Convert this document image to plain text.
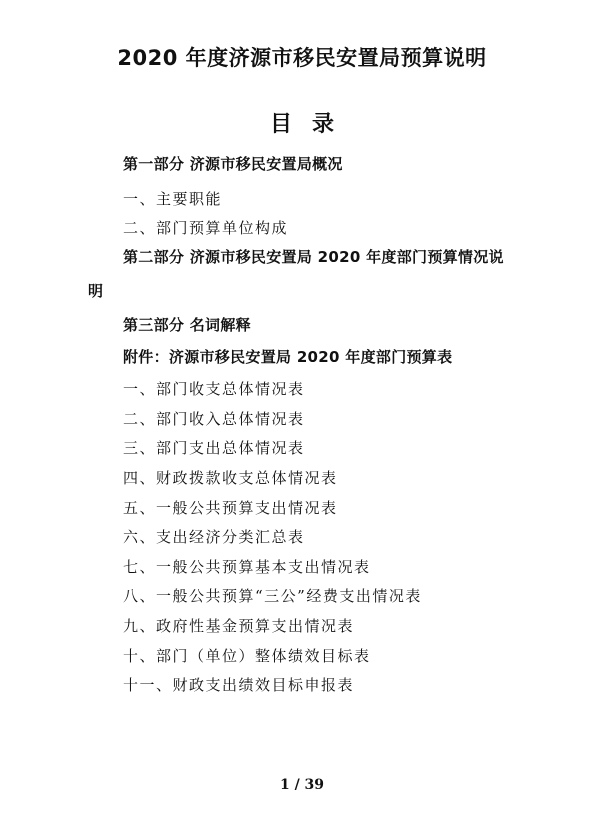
2020 年度济源市移民安置局预算说明
目录
第一部分 济源市移民安置局概况
一、主要职能
二、部门预算单位构成
第二部分 济源市移民安置局 2020 年度部门预算情况说
明
第三部分 名词解释
附件：济源市移民安置局 2020 年度部门预算表
一、部门收支总体情况表
二、部门收入总体情况表
三、部门支出总体情况表
四、财政拨款收支总体情况表
五、一般公共预算支出情况表
六、支出经济分类汇总表
七、一般公共预算基本支出情况表
八、一般公共预算“三公”经费支出情况表
九、政府性基金预算支出情况表
十、部门（单位）整体绩效目标表
十一、财政支出绩效目标申报表
1 / 39
